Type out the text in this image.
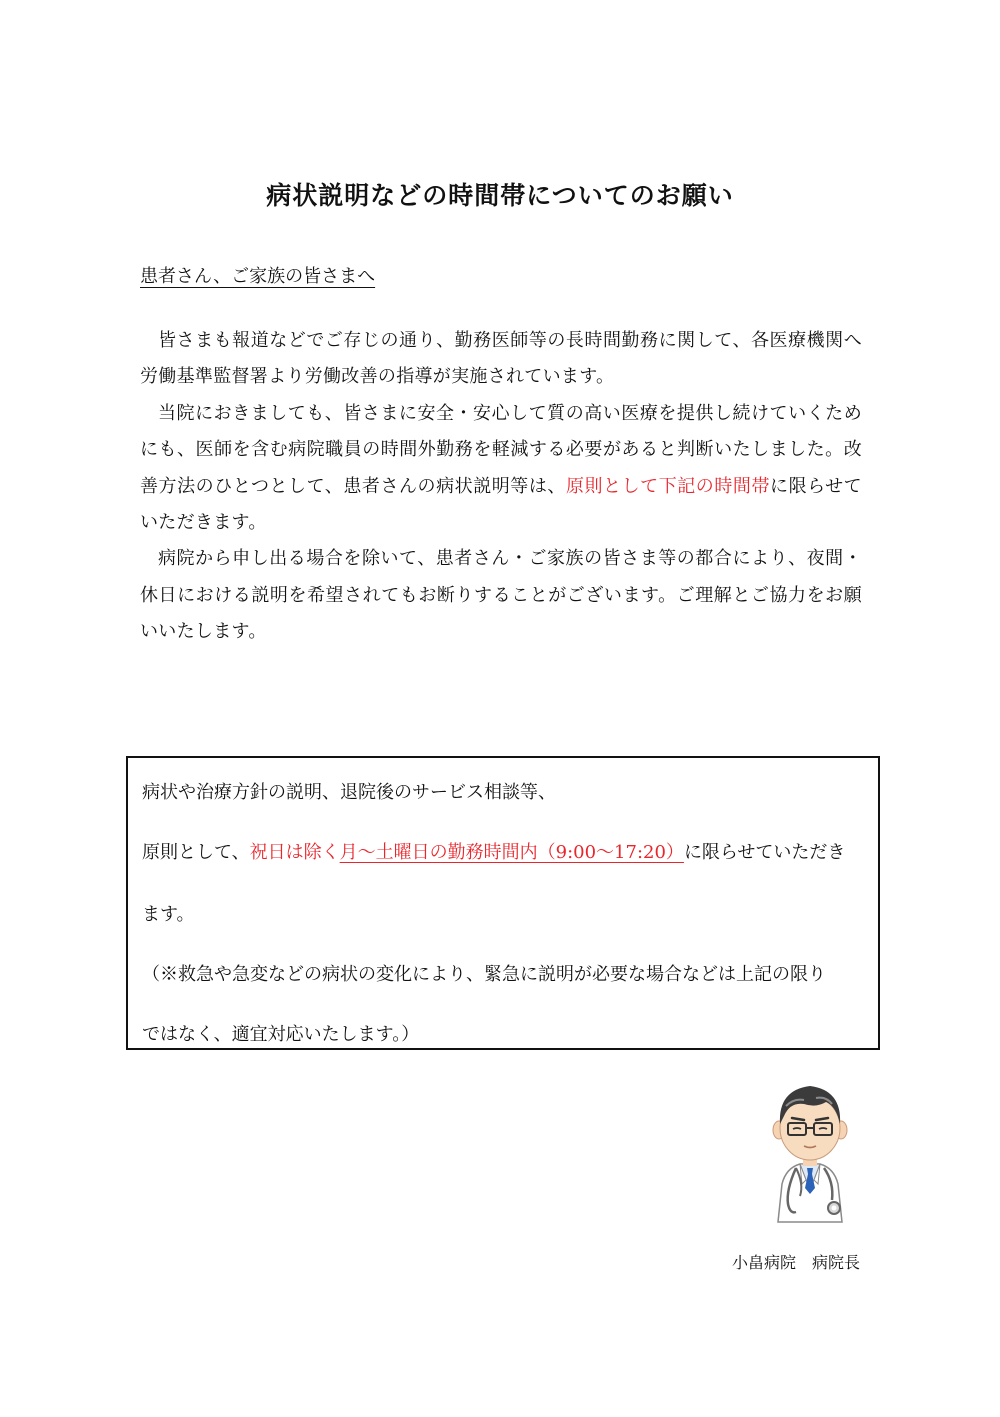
病状説明などの時間帯についてのお願い
患者さん、ご家族の皆さまへ

皆さまも報道などでご存じの通り、勤務医師等の長時間勤務に関して、各医療機関へ労働基準監督署より労働改善の指導が実施されています。

当院におきましても、皆さまに安全・安心して質の高い医療を提供し続けていくためにも、医師を含む病院職員の時間外勤務を軽減する必要があると判断いたしました。改善方法のひとつとして、患者さんの病状説明等は、原則として下記の時間帯に限らせていただきます。

病院から申し出る場合を除いて、患者さん・ご家族の皆さま等の都合により、夜間・休日における説明を希望されてもお断りすることがございます。ご理解とご協力をお願いいたします。

病状や治療方針の説明、退院後のサービス相談等、
原則として、祝日は除く月～土曜日の勤務時間内（9:00～17:20）に限らせていただき
ます。
（※救急や急変などの病状の変化により、緊急に説明が必要な場合などは上記の限り
ではなく、適宜対応いたします。）
小畠病院　病院長
